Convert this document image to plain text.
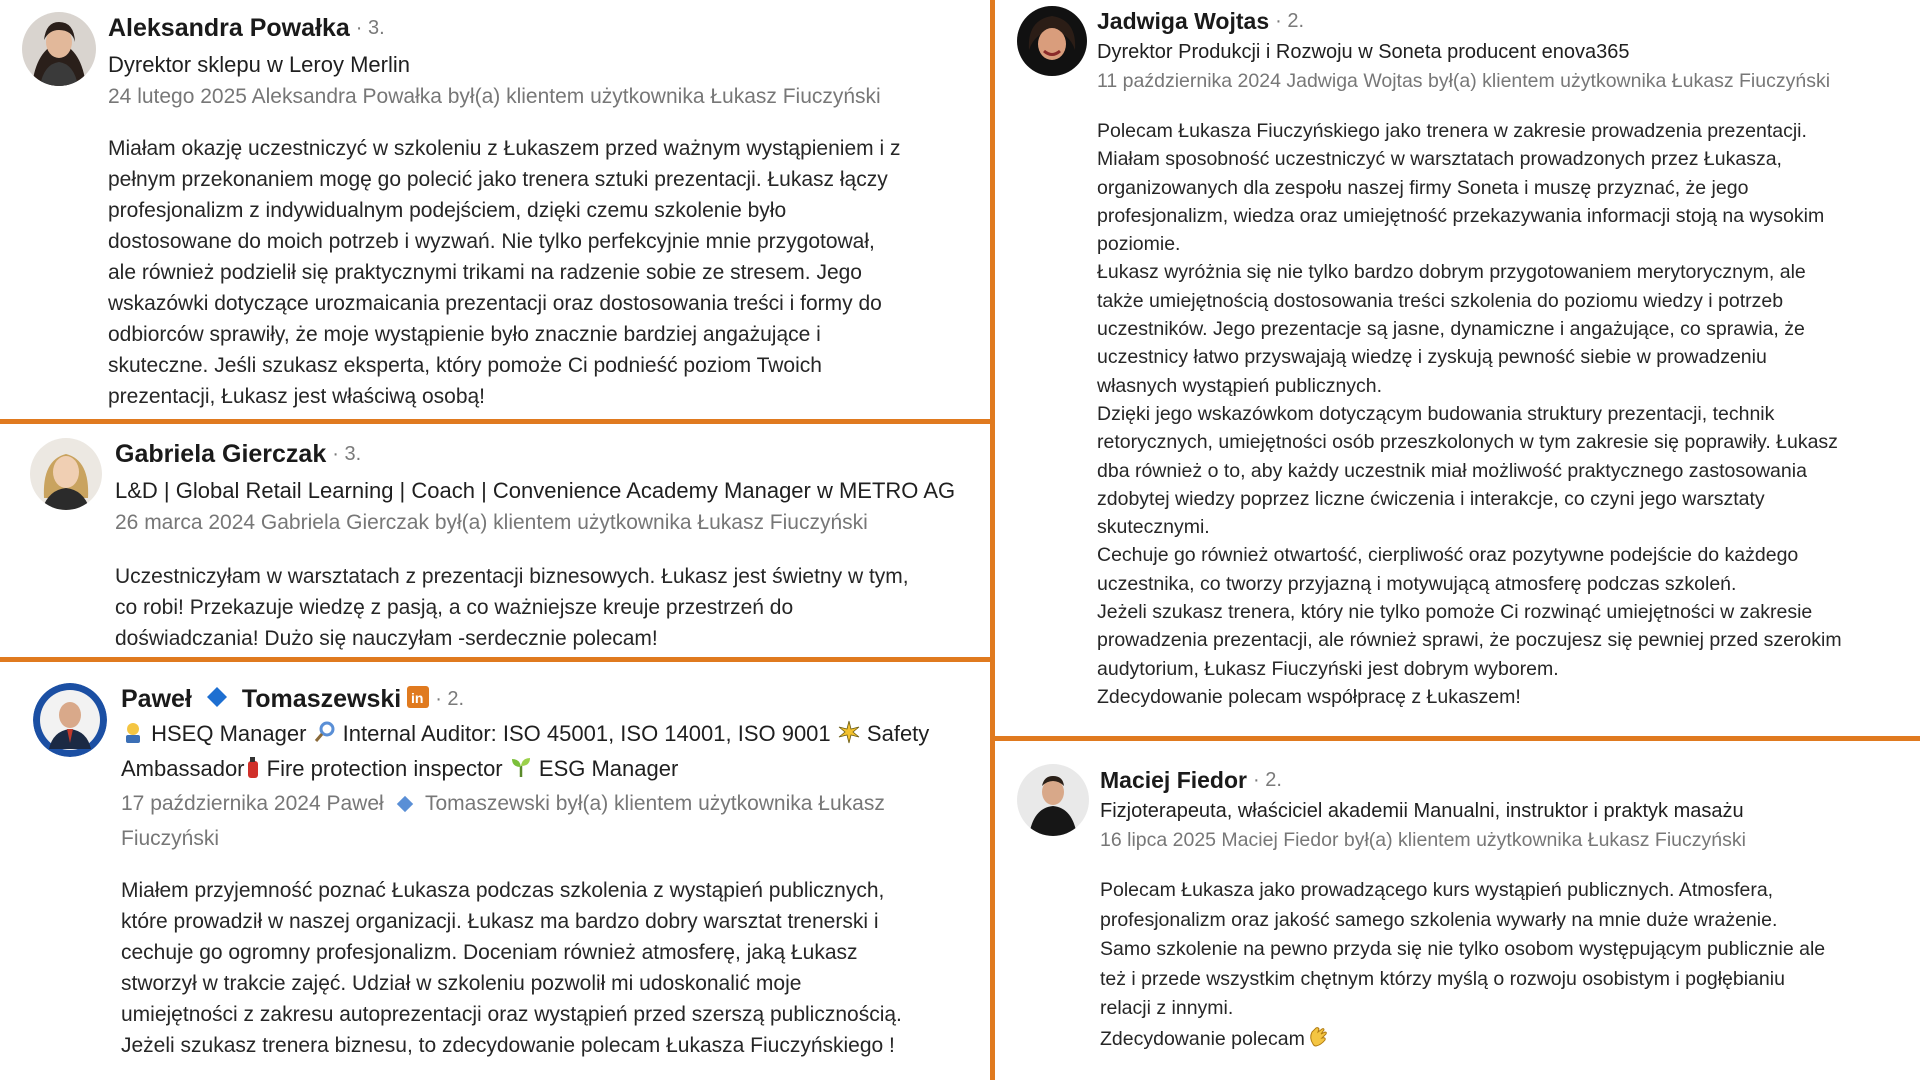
Aleksandra Powałka · 3.
Dyrektor sklepu w Leroy Merlin
24 lutego 2025 Aleksandra Powałka był(a) klientem użytkownika Łukasz Fiuczyński

Miałam okazję uczestniczyć w szkoleniu z Łukaszem przed ważnym wystąpieniem i z

pełnym przekonaniem mogę go polecić jako trenera sztuki prezentacji. Łukasz łączy

profesjonalizm z indywidualnym podejściem, dzięki czemu szkolenie było

dostosowane do moich potrzeb i wyzwań. Nie tylko perfekcyjnie mnie przygotował,

ale również podzielił się praktycznymi trikami na radzenie sobie ze stresem. Jego

wskazówki dotyczące urozmaicania prezentacji oraz dostosowania treści i formy do

odbiorców sprawiły, że moje wystąpienie było znacznie bardziej angażujące i

skuteczne. Jeśli szukasz eksperta, który pomoże Ci podnieść poziom Twoich

prezentacji, Łukasz jest właściwą osobą!

Gabriela Gierczak · 3.
L&D | Global Retail Learning | Coach | Convenience Academy Manager w METRO AG
26 marca 2024 Gabriela Gierczak był(a) klientem użytkownika Łukasz Fiuczyński

Uczestniczyłam w warsztatach z prezentacji biznesowych. Łukasz jest świetny w tym,

co robi! Przekazuje wiedzę z pasją, a co ważniejsze kreuje przestrzeń do

doświadczania! Dużo się nauczyłam -serdecznie polecam!

Paweł Tomaszewski in · 2.
HSEQ Manager Internal Auditor: ISO 45001, ISO 14001, ISO 9001 Safety
Ambassador Fire protection inspector ESG Manager
17 października 2024 Paweł Tomaszewski był(a) klientem użytkownika Łukasz
Fiuczyński

Miałem przyjemność poznać Łukasza podczas szkolenia z wystąpień publicznych,

które prowadził w naszej organizacji. Łukasz ma bardzo dobry warsztat trenerski i

cechuje go ogromny profesjonalizm. Doceniam również atmosferę, jaką Łukasz

stworzył w trakcie zajęć. Udział w szkoleniu pozwolił mi udoskonalić moje

umiejętności z zakresu autoprezentacji oraz wystąpień przed szerszą publicznością.

Jeżeli szukasz trenera biznesu, to zdecydowanie polecam Łukasza Fiuczyńskiego !

Jadwiga Wojtas · 2.
Dyrektor Produkcji i Rozwoju w Soneta producent enova365
11 października 2024 Jadwiga Wojtas był(a) klientem użytkownika Łukasz Fiuczyński

Polecam Łukasza Fiuczyńskiego jako trenera w zakresie prowadzenia prezentacji.

Miałam sposobność uczestniczyć w warsztatach prowadzonych przez Łukasza,

organizowanych dla zespołu naszej firmy Soneta i muszę przyznać, że jego

profesjonalizm, wiedza oraz umiejętność przekazywania informacji stoją na wysokim

poziomie.

Łukasz wyróżnia się nie tylko bardzo dobrym przygotowaniem merytorycznym, ale

także umiejętnością dostosowania treści szkolenia do poziomu wiedzy i potrzeb

uczestników. Jego prezentacje są jasne, dynamiczne i angażujące, co sprawia, że

uczestnicy łatwo przyswajają wiedzę i zyskują pewność siebie w prowadzeniu

własnych wystąpień publicznych.

Dzięki jego wskazówkom dotyczącym budowania struktury prezentacji, technik

retorycznych, umiejętności osób przeszkolonych w tym zakresie się poprawiły. Łukasz

dba również o to, aby każdy uczestnik miał możliwość praktycznego zastosowania

zdobytej wiedzy poprzez liczne ćwiczenia i interakcje, co czyni jego warsztaty

skutecznymi.

Cechuje go również otwartość, cierpliwość oraz pozytywne podejście do każdego

uczestnika, co tworzy przyjazną i motywującą atmosferę podczas szkoleń.

Jeżeli szukasz trenera, który nie tylko pomoże Ci rozwinąć umiejętności w zakresie

prowadzenia prezentacji, ale również sprawi, że poczujesz się pewniej przed szerokim

audytorium, Łukasz Fiuczyński jest dobrym wyborem.

Zdecydowanie polecam współpracę z Łukaszem!

Maciej Fiedor · 2.
Fizjoterapeuta, właściciel akademii Manualni, instruktor i praktyk masażu
16 lipca 2025 Maciej Fiedor był(a) klientem użytkownika Łukasz Fiuczyński

Polecam Łukasza jako prowadzącego kurs wystąpień publicznych. Atmosfera,

profesjonalizm oraz jakość samego szkolenia wywarły na mnie duże wrażenie.

Samo szkolenie na pewno przyda się nie tylko osobom występującym publicznie ale

też i przede wszystkim chętnym którzy myślą o rozwoju osobistym i pogłębianiu

relacji z innymi.

Zdecydowanie polecam
